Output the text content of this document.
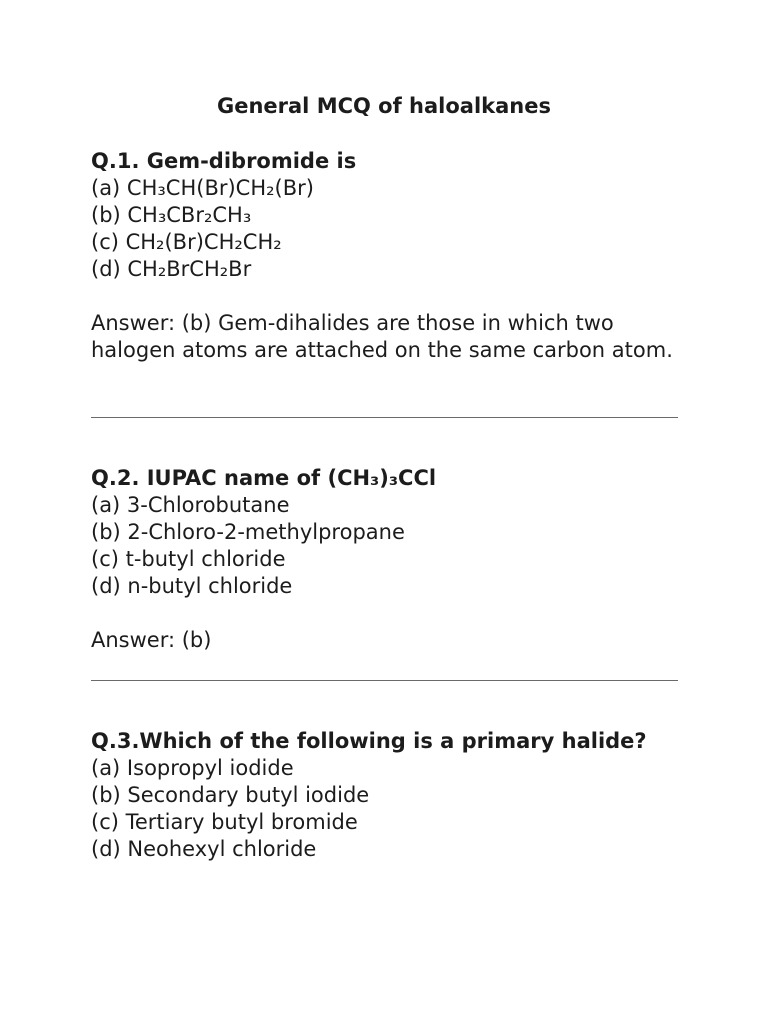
General MCQ of haloalkanes
Q.1. Gem-dibromide is
(a) CH₃CH(Br)CH₂(Br)
(b) CH₃CBr₂CH₃
(c) CH₂(Br)CH₂CH₂
(d) CH₂BrCH₂Br
Answer: (b) Gem-dihalides are those in which two halogen atoms are attached on the same carbon atom.
Q.2. IUPAC name of (CH₃)₃CCl
(a) 3-Chlorobutane
(b) 2-Chloro-2-methylpropane
(c) t-butyl chloride
(d) n-butyl chloride
Answer: (b)
Q.3.Which of the following is a primary halide?
(a) Isopropyl iodide
(b) Secondary butyl iodide
(c) Tertiary butyl bromide
(d) Neohexyl chloride
